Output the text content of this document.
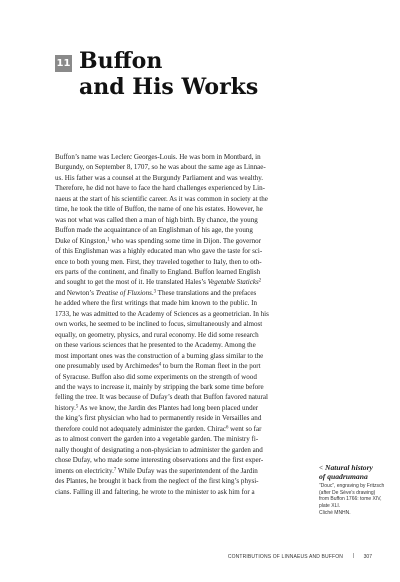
11 Buffon
and His Works
Buffon’s name was Leclerc Georges-Louis. He was born in Montbard, in
Burgundy, on September 8, 1707, so he was about the same age as Linnae-
us. His father was a counsel at the Burgundy Parliament and was wealthy.
Therefore, he did not have to face the hard challenges experienced by Lin-
naeus at the start of his scientific career. As it was common in society at the
time, he took the title of Buffon, the name of one his estates. However, he
was not what was called then a man of high birth. By chance, the young
Buffon made the acquaintance of an Englishman of his age, the young
Duke of Kingston,$^1$ who was spending some time in Dijon. The governor
of this Englishman was a highly educated man who gave the taste for sci-
ence to both young men. First, they traveled together to Italy, then to oth-
ers parts of the continent, and finally to England. Buffon learned English
and sought to get the most of it. He translated Hales’s Vegetable Staticks$^2$
and Newton’s Treatise of Fluxions.$^3$ These translations and the prefaces
he added where the first writings that made him known to the public. In
1733, he was admitted to the Academy of Sciences as a geometrician. In his
own works, he seemed to be inclined to focus, simultaneously and almost
equally, on geometry, physics, and rural economy. He did some research
on these various sciences that he presented to the Academy. Among the
most important ones was the construction of a burning glass similar to the
one presumably used by Archimedes$^4$ to burn the Roman fleet in the port
of Syracuse. Buffon also did some experiments on the strength of wood
and the ways to increase it, mainly by stripping the bark some time before
felling the tree. It was because of Dufay’s death that Buffon favored natural
history.$^5$ As we know, the Jardin des Plantes had long been placed under
the king’s first physician who had to permanently reside in Versailles and
therefore could not adequately administer the garden. Chirac$^6$ went so far
as to almost convert the garden into a vegetable garden. The ministry fi-
nally thought of designating a non-physician to administer the garden and
chose Dufay, who made some interesting observations and the first exper-
iments on electricity.$^7$ While Dufay was the superintendent of the Jardin
des Plantes, he brought it back from the neglect of the first king’s physi-
cians. Falling ill and faltering, he wrote to the minister to ask him for a
< Natural history
of quadrumana
“Douc”, engraving by Fritzsch
(after De Sève’s drawing)
from Buffon 1766: tome XIV,
plate XLI.
Cliché MNHN.
CONTRIBUTIONS OF LINNAEUS AND BUFFON | 307
